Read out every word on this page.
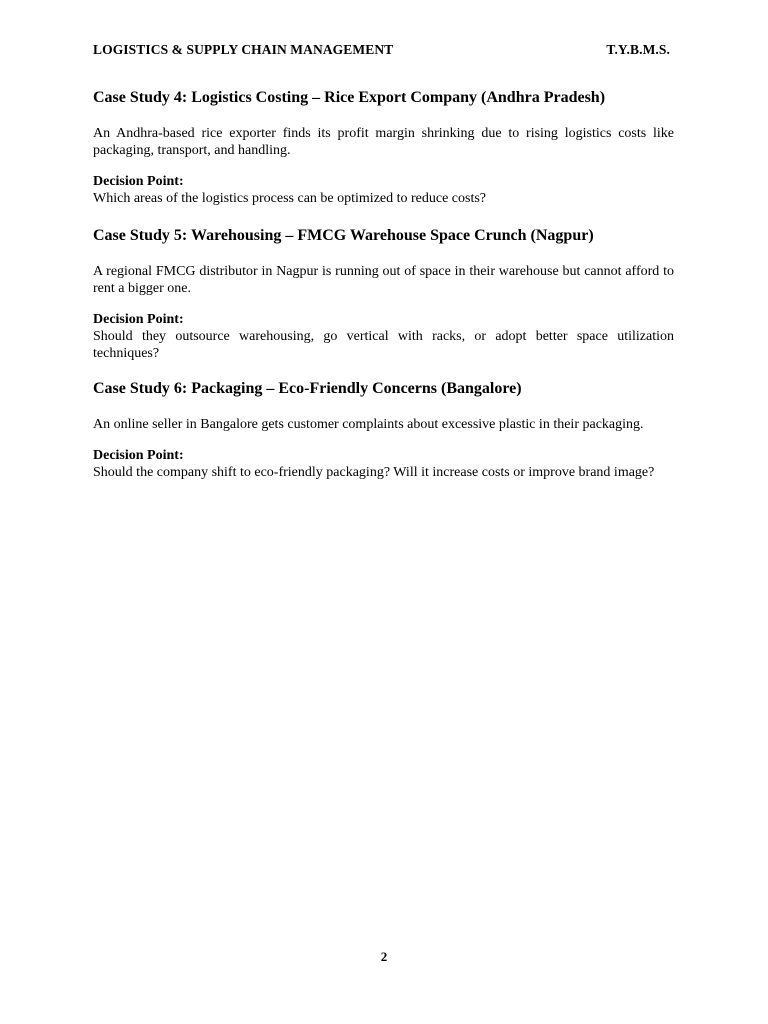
LOGISTICS & SUPPLY CHAIN MANAGEMENT	T.Y.B.M.S.

Case Study 4: Logistics Costing – Rice Export Company (Andhra Pradesh)

An Andhra-based rice exporter finds its profit margin shrinking due to rising logistics costs like packaging, transport, and handling.

Decision Point:

Which areas of the logistics process can be optimized to reduce costs?

Case Study 5: Warehousing – FMCG Warehouse Space Crunch (Nagpur)

A regional FMCG distributor in Nagpur is running out of space in their warehouse but cannot afford to rent a bigger one.

Decision Point:

Should they outsource warehousing, go vertical with racks, or adopt better space utilization techniques?

Case Study 6: Packaging – Eco-Friendly Concerns (Bangalore)

An online seller in Bangalore gets customer complaints about excessive plastic in their packaging.

Decision Point:

Should the company shift to eco-friendly packaging? Will it increase costs or improve brand image?

2
